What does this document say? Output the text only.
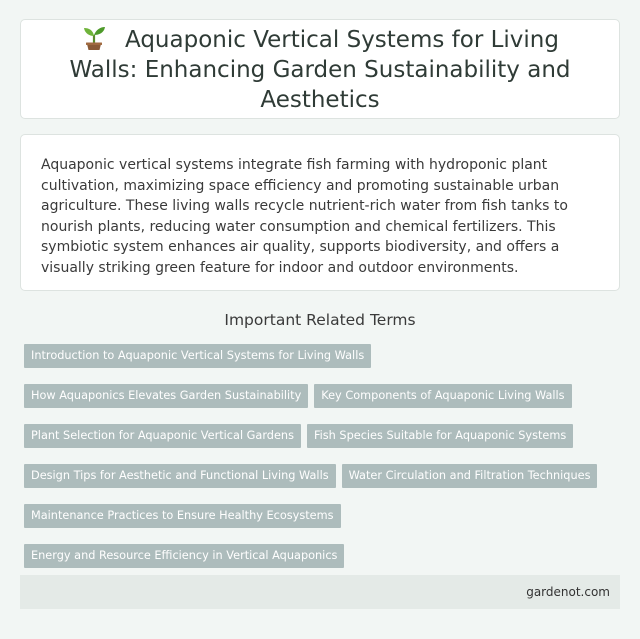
Aquaponic Vertical Systems for Living Walls: Enhancing Garden Sustainability and Aesthetics

Aquaponic vertical systems integrate fish farming with hydroponic plant cultivation, maximizing space efficiency and promoting sustainable urban agriculture. These living walls recycle nutrient-rich water from fish tanks to nourish plants, reducing water consumption and chemical fertilizers. This symbiotic system enhances air quality, supports biodiversity, and offers a visually striking green feature for indoor and outdoor environments.

Important Related Terms
Introduction to Aquaponic Vertical Systems for Living Walls
How Aquaponics Elevates Garden Sustainability	Key Components of Aquaponic Living Walls
Plant Selection for Aquaponic Vertical Gardens	Fish Species Suitable for Aquaponic Systems
Design Tips for Aesthetic and Functional Living Walls	Water Circulation and Filtration Techniques
Maintenance Practices to Ensure Healthy Ecosystems
Energy and Resource Efficiency in Vertical Aquaponics
gardenot.com
